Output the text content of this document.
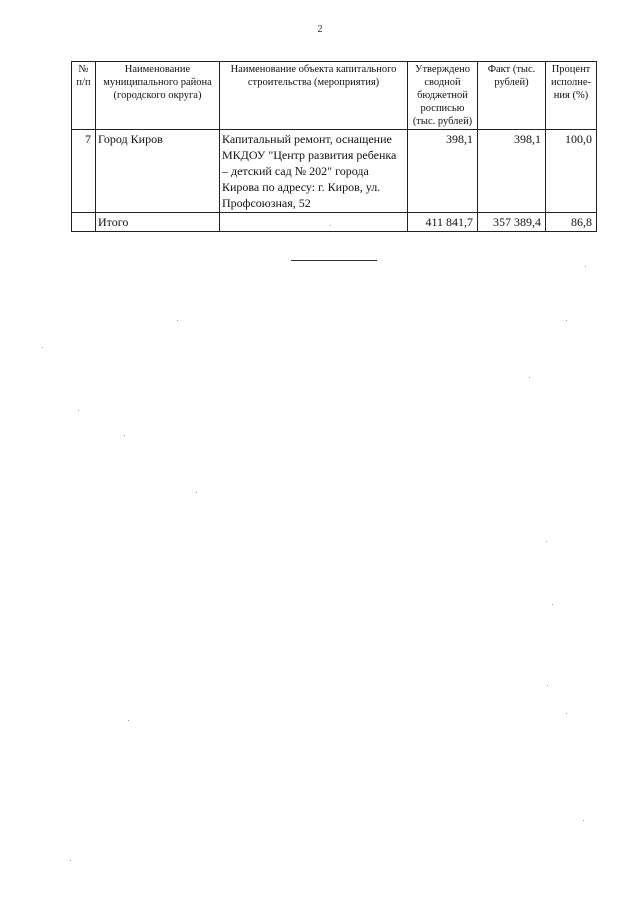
2
№ п/п	Наименование муниципального района (городского округа)	Наименование объекта капитального строительства (мероприятия)	Утверждено сводной бюджетной росписью (тыс. рублей)	Факт (тыс. рублей)	Процент исполне-ния (%)
7	Город Киров	Капитальный ремонт, оснащение МКДОУ "Центр развития ребенка – детский сад № 202" города Кирова по адресу: г. Киров, ул. Профсоюзная, 52	398,1	398,1	100,0
	Итого		411 841,7	357 389,4	86,8
